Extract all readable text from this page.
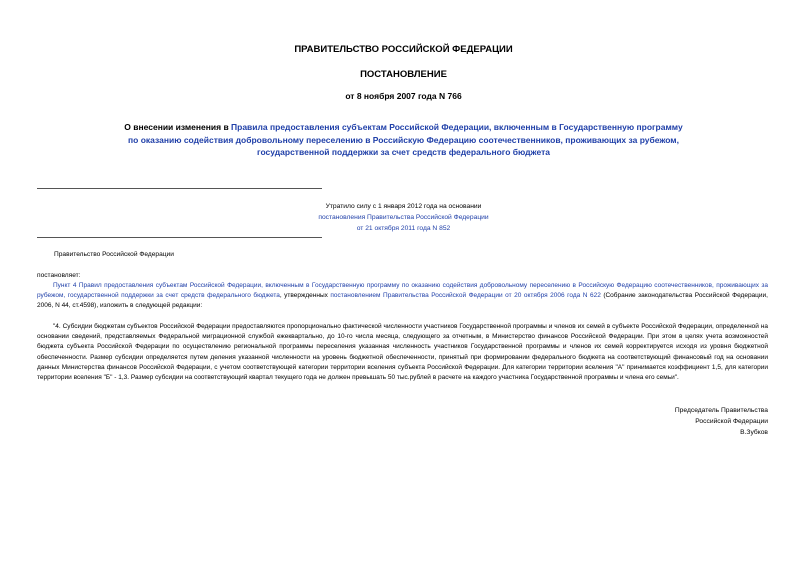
ПРАВИТЕЛЬСТВО РОССИЙСКОЙ ФЕДЕРАЦИИ
ПОСТАНОВЛЕНИЕ
от 8 ноября 2007 года N 766
О внесении изменения в Правила предоставления субъектам Российской Федерации, включенным в Государственную программу по оказанию содействия добровольному переселению в Российскую Федерацию соотечественников, проживающих за рубежом, государственной поддержки за счет средств федерального бюджета
Утратило силу с 1 января 2012 года на основании
постановления Правительства Российской Федерации
от 21 октября 2011 года N 852
Правительство Российской Федерации
постановляет:
Пункт 4 Правил предоставления субъектам Российской Федерации, включенным в Государственную программу по оказанию содействия добровольному переселению в Российскую Федерацию соотечественников, проживающих за рубежом, государственной поддержки за счет средств федерального бюджета, утвержденных постановлением Правительства Российской Федерации от 20 октября 2006 года N 622 (Собрание законодательства Российской Федерации, 2006, N 44, ст.4598), изложить в следующей редакции:
"4. Субсидии бюджетам субъектов Российской Федерации предоставляются пропорционально фактической численности участников Государственной программы и членов их семей в субъекте Российской Федерации, определенной на основании сведений, представляемых Федеральной миграционной службой ежеквартально, до 10-го числа месяца, следующего за отчетным, в Министерство финансов Российской Федерации. При этом в целях учета возможностей бюджета субъекта Российской Федерации по осуществлению региональной программы переселения указанная численность участников Государственной программы и членов их семей корректируется исходя из уровня бюджетной обеспеченности. Размер субсидии определяется путем деления указанной численности на уровень бюджетной обеспеченности, принятый при формировании федерального бюджета на соответствующий финансовый год на основании данных Министерства финансов Российской Федерации, с учетом соответствующей категории территории вселения субъекта Российской Федерации. Для категории территории вселения "А" принимается коэффициент 1,5, для категории территории вселения "Б" - 1,3. Размер субсидии на соответствующий квартал текущего года не должен превышать 50 тыс.рублей в расчете на каждого участника Государственной программы и члена его семьи".
Председатель Правительства
Российской Федерации
В.Зубков
